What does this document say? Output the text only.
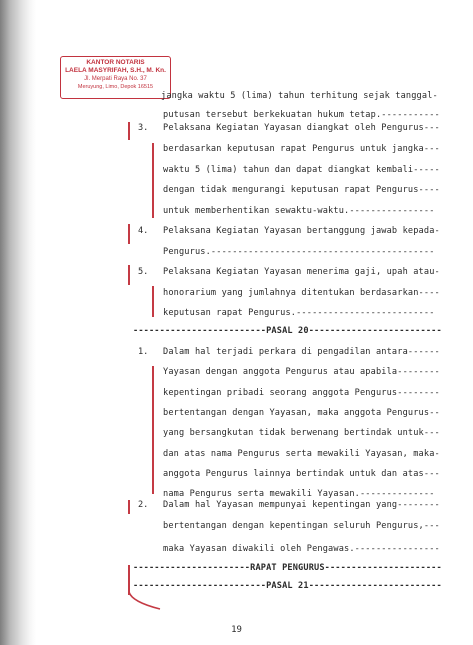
KANTOR NOTARIS
LAELA MASYRIFAH, S.H., M. Kn.
Jl. Merpati Raya No. 37
Meruyung, Limo, Depok 16515
3.
4.
5.
1.
2.
jangka waktu 5 (lima) tahun terhitung sejak tanggal-
putusan tersebut berkekuatan hukum tetap.-----------
Pelaksana Kegiatan Yayasan diangkat oleh Pengurus---
berdasarkan keputusan rapat Pengurus untuk jangka---
waktu 5 (lima) tahun dan dapat diangkat kembali-----
dengan tidak mengurangi keputusan rapat Pengurus----
untuk memberhentikan sewaktu-waktu.----------------
Pelaksana Kegiatan Yayasan bertanggung jawab kepada-
Pengurus.------------------------------------------
Pelaksana Kegiatan Yayasan menerima gaji, upah atau-
honorarium yang jumlahnya ditentukan berdasarkan----
keputusan rapat Pengurus.--------------------------
-------------------------PASAL 20-------------------------
Dalam hal terjadi perkara di pengadilan antara------
Yayasan dengan anggota Pengurus atau apabila--------
kepentingan pribadi seorang anggota Pengurus--------
bertentangan dengan Yayasan, maka anggota Pengurus--
yang bersangkutan tidak berwenang bertindak untuk---
dan atas nama Pengurus serta mewakili Yayasan, maka-
anggota Pengurus lainnya bertindak untuk dan atas---
nama Pengurus serta mewakili Yayasan.--------------
Dalam hal Yayasan mempunyai kepentingan yang--------
bertentangan dengan kepentingan seluruh Pengurus,---
maka Yayasan diwakili oleh Pengawas.----------------
----------------------RAPAT PENGURUS----------------------
-------------------------PASAL 21-------------------------
19
